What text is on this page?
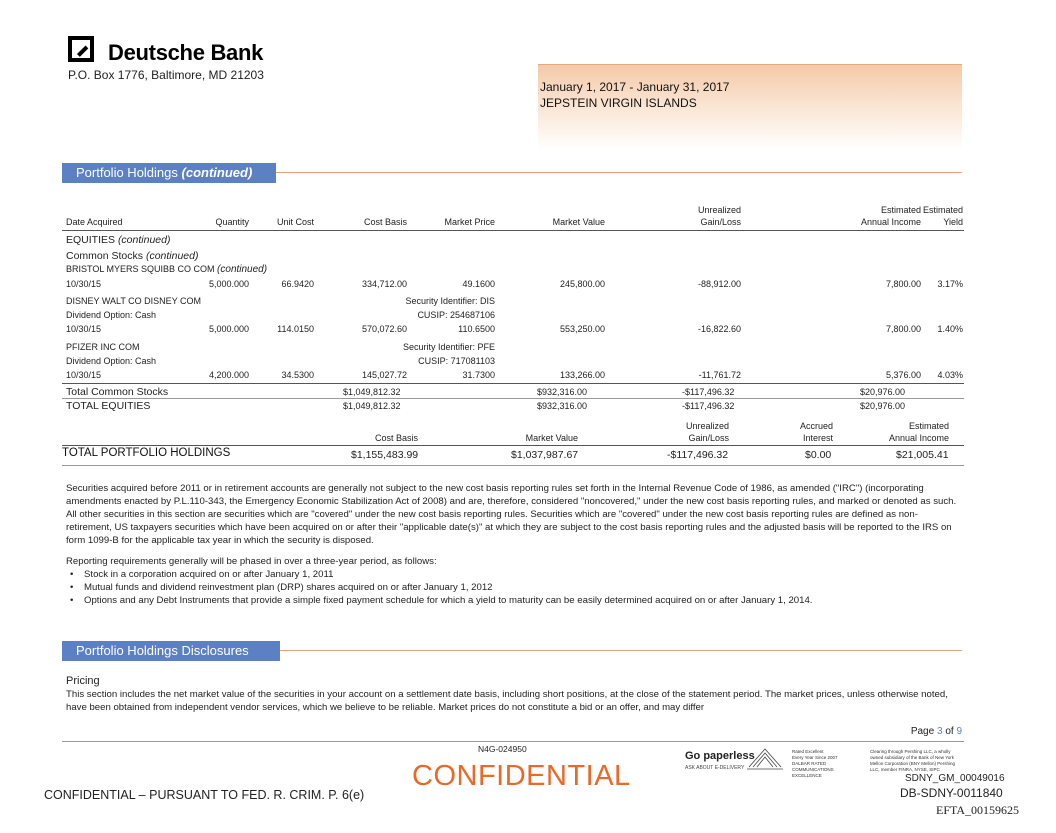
Deutsche Bank
P.O. Box 1776, Baltimore, MD 21203
January 1, 2017 - January 31, 2017
JEPSTEIN VIRGIN ISLANDS
Portfolio Holdings (continued)
Unrealized	Estimated Estimated
Date Acquired	Quantity	Unit Cost	Cost Basis	Market Price	Market Value	Gain/Loss	Annual Income	Yield
EQUITIES (continued)
Common Stocks (continued)
BRISTOL MYERS SQUIBB CO COM (continued)
10/30/15	5,000.000	66.9420	334,712.00	49.1600	245,800.00	-88,912.00	7,800.00	3.17%
DISNEY WALT CO DISNEY COM	Security Identifier: DIS
Dividend Option: Cash	CUSIP: 254687106
10/30/15	5,000.000	114.0150	570,072.60	110.6500	553,250.00	-16,822.60	7,800.00	1.40%
PFIZER INC COM	Security Identifier: PFE
Dividend Option: Cash	CUSIP: 717081103
10/30/15	4,200.000	34.5300	145,027.72	31.7300	133,266.00	-11,761.72	5,376.00	4.03%
Total Common Stocks	$1,049,812.32	$932,316.00	-$117,496.32	$20,976.00
TOTAL EQUITIES	$1,049,812.32	$932,316.00	-$117,496.32	$20,976.00
Unrealized	Accrued	Estimated
Cost Basis	Market Value	Gain/Loss	Interest	Annual Income
TOTAL PORTFOLIO HOLDINGS	$1,155,483.99	$1,037,987.67	-$117,496.32	$0.00	$21,005.41
Securities acquired before 2011 or in retirement accounts are generally not subject to the new cost basis reporting rules set forth in the Internal Revenue Code of 1986, as amended ("IRC") (incorporating amendments enacted by P.L.110-343, the Emergency Economic Stabilization Act of 2008) and are, therefore, considered "noncovered," under the new cost basis reporting rules, and marked or denoted as such. All other securities in this section are securities which are "covered" under the new cost basis reporting rules. Securities which are "covered" under the new cost basis reporting rules are defined as non-retirement, US taxpayers securities which have been acquired on or after their "applicable date(s)" at which they are subject to the cost basis reporting rules and the adjusted basis will be reported to the IRS on form 1099-B for the applicable tax year in which the security is disposed.
Reporting requirements generally will be phased in over a three-year period, as follows:
• Stock in a corporation acquired on or after January 1, 2011
• Mutual funds and dividend reinvestment plan (DRP) shares acquired on or after January 1, 2012
• Options and any Debt Instruments that provide a simple fixed payment schedule for which a yield to maturity can be easily determined acquired on or after January 1, 2014.
Portfolio Holdings Disclosures
Pricing
This section includes the net market value of the securities in your account on a settlement date basis, including short positions, at the close of the statement period. The market prices, unless otherwise noted, have been obtained from independent vendor services, which we believe to be reliable. Market prices do not constitute a bid or an offer, and may differ
Page 3 of 9
N4G-024950
Go paperless
ASK ABOUT E-DELIVERY
Rated Excellent
Every Year Since 2007
DALBAR RATED COMMUNICATIONS
EXCELLENCE
Clearing through Pershing LLC, a wholly owned subsidiary of the Bank of New York Mellon Corporation (BNY Mellon) Pershing LLC, member FINRA, NYSE, SIPC
CONFIDENTIAL – PURSUANT TO FED. R. CRIM. P. 6(e)
CONFIDENTIAL	SDNY_GM_00049016
DB-SDNY-0011840
EFTA_00159625
